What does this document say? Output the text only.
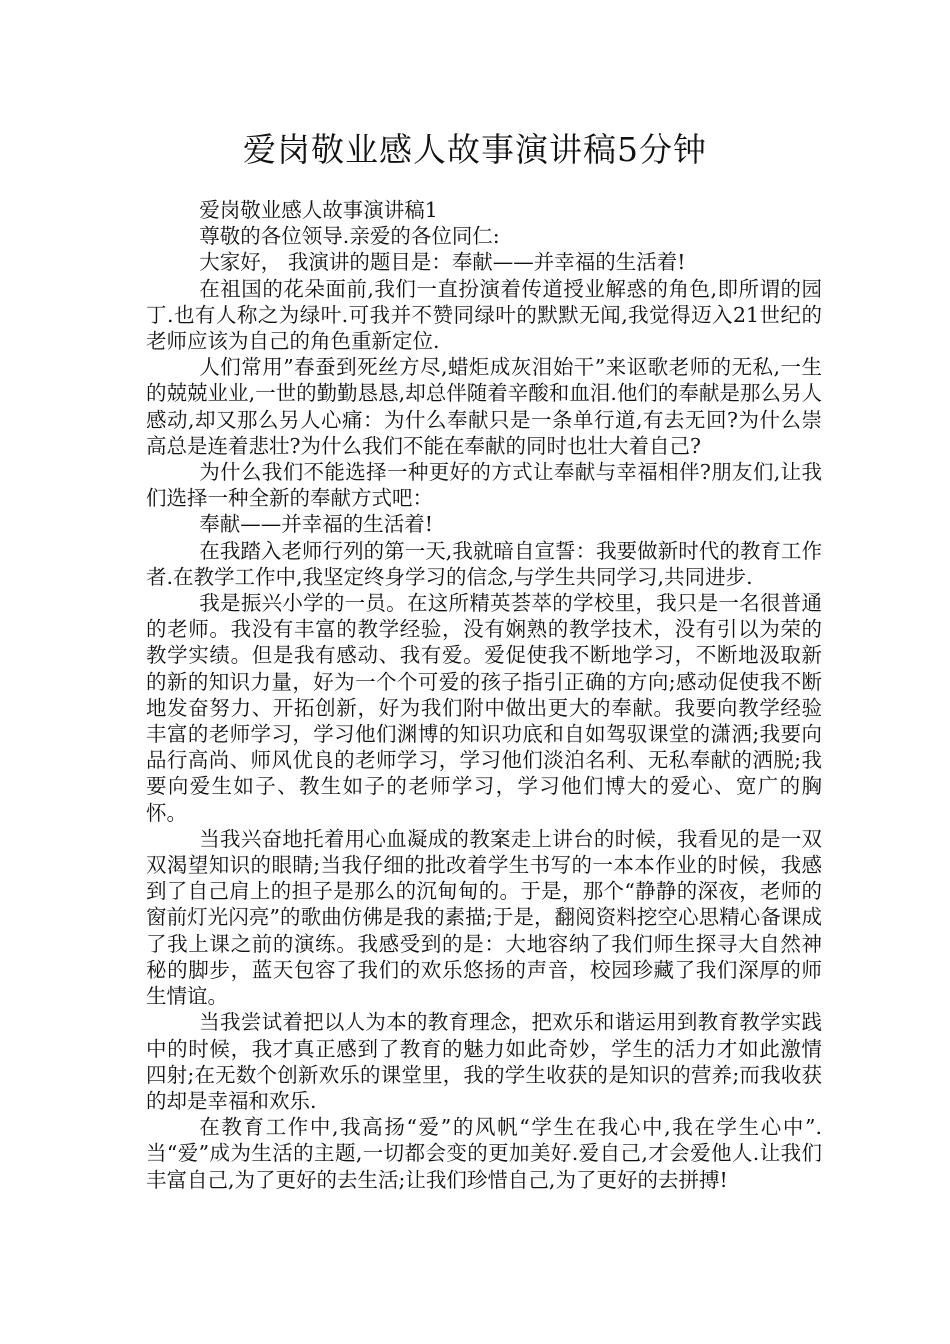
爱岗敬业感人故事演讲稿5分钟

爱岗敬业感人故事演讲稿1

尊敬的各位领导.亲爱的各位同仁:

大家好， 我演讲的题目是：奉献——并幸福的生活着!

在祖国的花朵面前,我们一直扮演着传道授业解惑的角色,即所谓的园丁.也有人称之为绿叶.可我并不赞同绿叶的默默无闻,我觉得迈入21世纪的老师应该为自己的角色重新定位.

人们常用”春蚕到死丝方尽,蜡炬成灰泪始干”来讴歌老师的无私,一生的兢兢业业,一世的勤勤恳恳,却总伴随着辛酸和血泪.他们的奉献是那么另人感动,却又那么另人心痛：为什么奉献只是一条单行道,有去无回?为什么崇高总是连着悲壮?为什么我们不能在奉献的同时也壮大着自己?

为什么我们不能选择一种更好的方式让奉献与幸福相伴?朋友们,让我们选择一种全新的奉献方式吧：

奉献——并幸福的生活着!

在我踏入老师行列的第一天,我就暗自宣誓：我要做新时代的教育工作者.在教学工作中,我坚定终身学习的信念,与学生共同学习,共同进步.

我是振兴小学的一员。在这所精英荟萃的学校里，我只是一名很普通的老师。我没有丰富的教学经验，没有娴熟的教学技术，没有引以为荣的教学实绩。但是我有感动、我有爱。爱促使我不断地学习，不断地汲取新的新的知识力量，好为一个个可爱的孩子指引正确的方向;感动促使我不断地发奋努力、开拓创新，好为我们附中做出更大的奉献。我要向教学经验丰富的老师学习，学习他们渊博的知识功底和自如驾驭课堂的潇洒;我要向品行高尚、师风优良的老师学习，学习他们淡泊名利、无私奉献的洒脱;我要向爱生如子、教生如子的老师学习，学习他们博大的爱心、宽广的胸怀。

当我兴奋地托着用心血凝成的教案走上讲台的时候，我看见的是一双双渴望知识的眼睛;当我仔细的批改着学生书写的一本本作业的时候，我感到了自己肩上的担子是那么的沉甸甸的。于是，那个“静静的深夜，老师的窗前灯光闪亮”的歌曲仿佛是我的素描;于是，翻阅资料挖空心思精心备课成了我上课之前的演练。我感受到的是：大地容纳了我们师生探寻大自然神秘的脚步，蓝天包容了我们的欢乐悠扬的声音，校园珍藏了我们深厚的师生情谊。

当我尝试着把以人为本的教育理念，把欢乐和谐运用到教育教学实践中的时候，我才真正感到了教育的魅力如此奇妙，学生的活力才如此激情四射;在无数个创新欢乐的课堂里，我的学生收获的是知识的营养;而我收获的却是幸福和欢乐.

在教育工作中,我高扬“爱”的风帆“学生在我心中,我在学生心中”.当“爱”成为生活的主题,一切都会变的更加美好.爱自己,才会爱他人.让我们丰富自己,为了更好的去生活;让我们珍惜自己,为了更好的去拼搏!
